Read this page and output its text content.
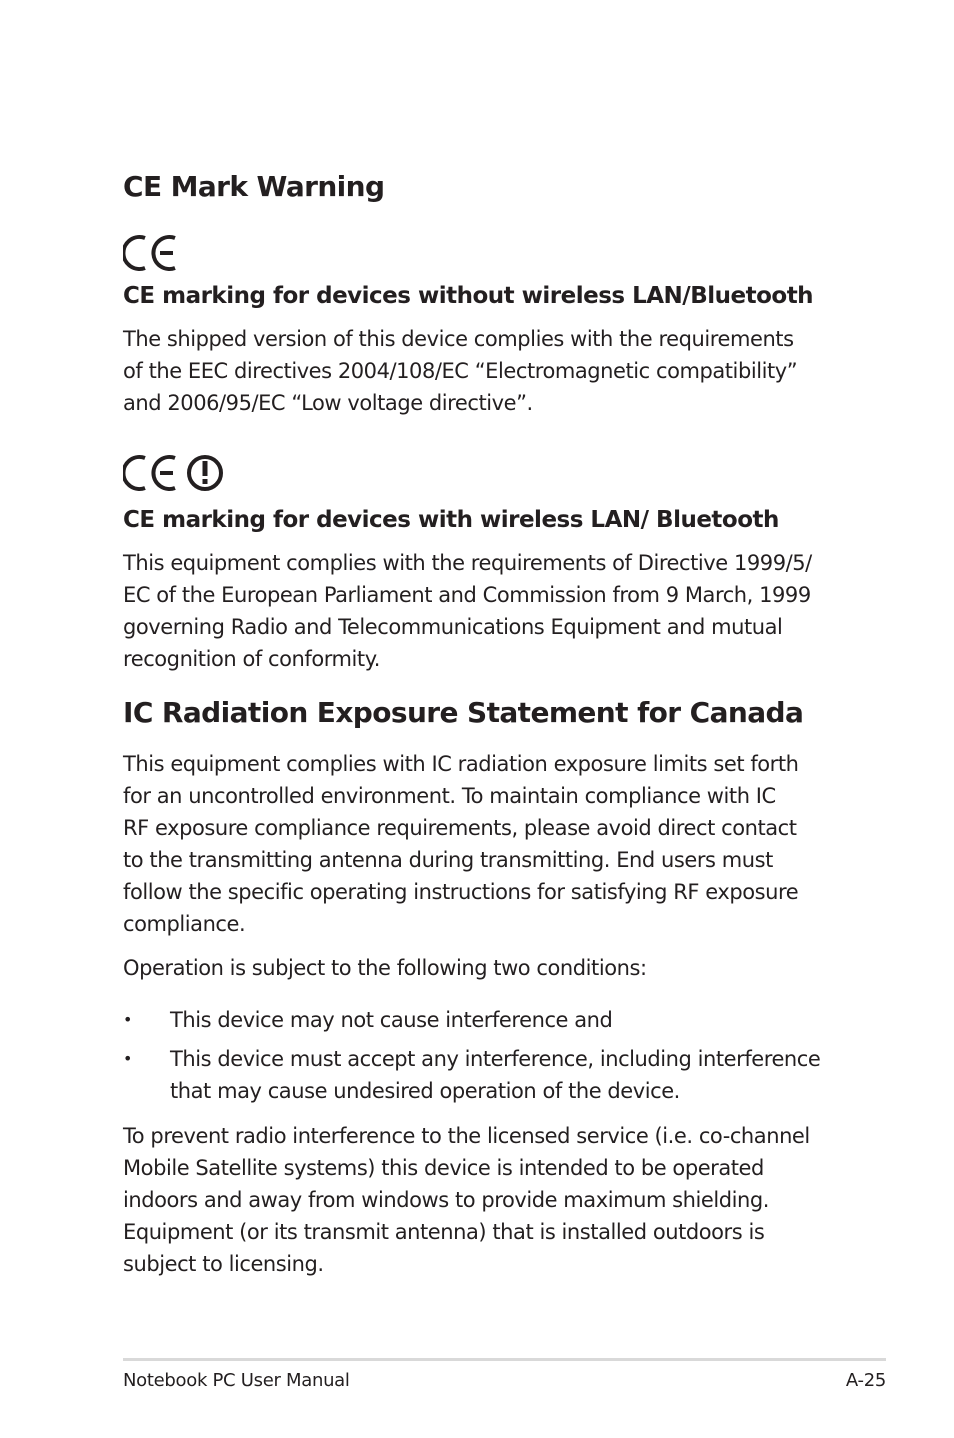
CE Mark Warning
CE marking for devices without wireless LAN/Bluetooth

The shipped version of this device complies with the requirements
of the EEC directives 2004/108/EC “Electromagnetic compatibility”
and 2006/95/EC “Low voltage directive”.

CE marking for devices with wireless LAN/ Bluetooth

This equipment complies with the requirements of Directive 1999/5/
EC of the European Parliament and Commission from 9 March, 1999
governing Radio and Telecommunications Equipment and mutual
recognition of conformity.

IC Radiation Exposure Statement for Canada

This equipment complies with IC radiation exposure limits set forth
for an uncontrolled environment. To maintain compliance with IC
RF exposure compliance requirements, please avoid direct contact
to the transmitting antenna during transmitting. End users must
follow the specific operating instructions for satisfying RF exposure
compliance.

Operation is subject to the following two conditions:

• This device may not cause interference and
• This device must accept any interference, including interference
that may cause undesired operation of the device.

To prevent radio interference to the licensed service (i.e. co-channel
Mobile Satellite systems) this device is intended to be operated
indoors and away from windows to provide maximum shielding.
Equipment (or its transmit antenna) that is installed outdoors is
subject to licensing.

Notebook PC User Manual	A-25
